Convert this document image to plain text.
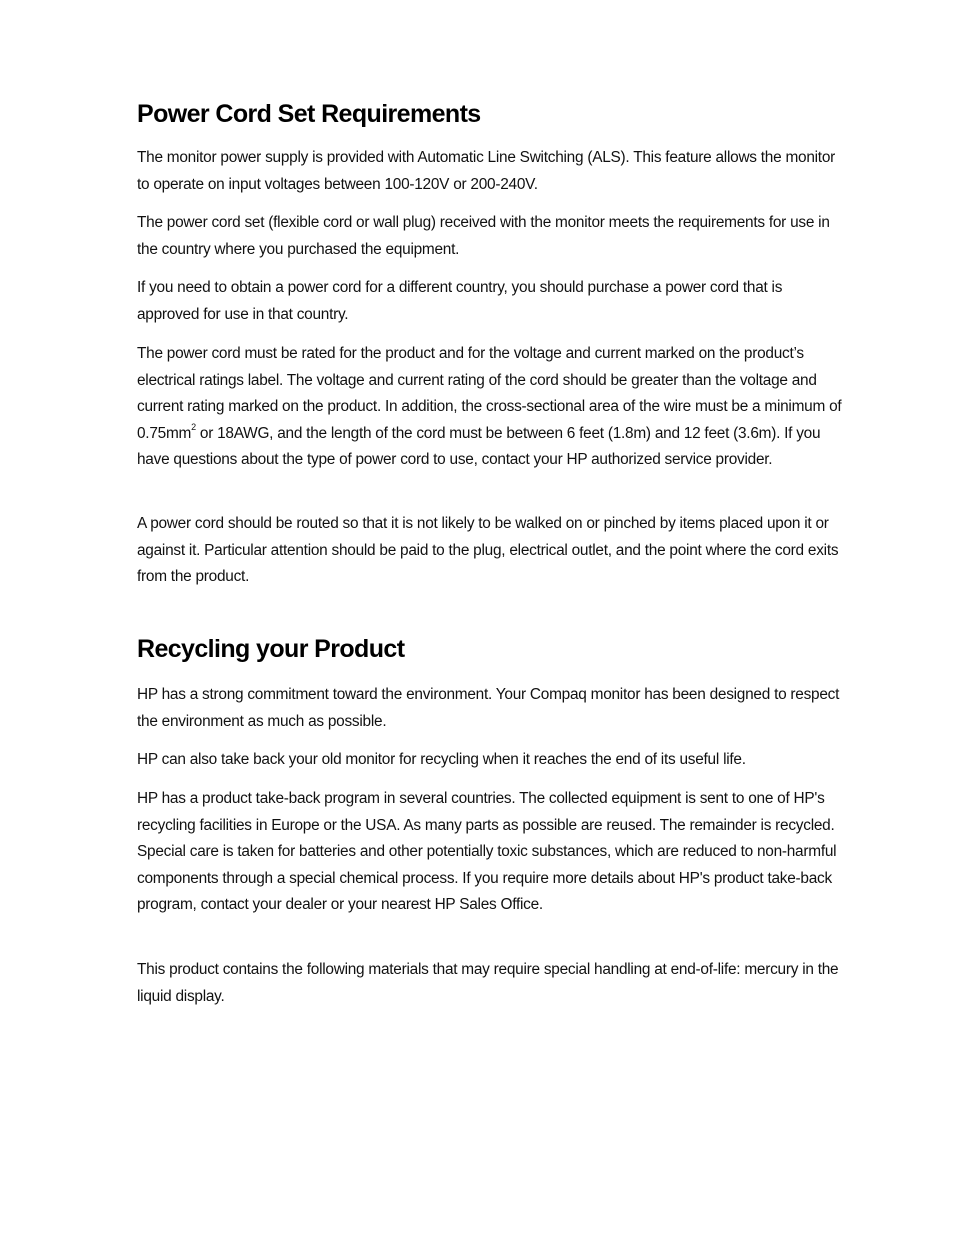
Power Cord Set Requirements

The monitor power supply is provided with Automatic Line Switching (ALS). This feature allows the monitor to operate on input voltages between 100-120V or 200-240V.

The power cord set (flexible cord or wall plug) received with the monitor meets the requirements for use in the country where you purchased the equipment.

If you need to obtain a power cord for a different country, you should purchase a power cord that is approved for use in that country.

The power cord must be rated for the product and for the voltage and current marked on the product’s electrical ratings label. The voltage and current rating of the cord should be greater than the voltage and current rating marked on the product. In addition, the cross-sectional area of the wire must be a minimum of $0.75mm^2$ or 18AWG, and the length of the cord must be between 6 feet (1.8m) and 12 feet (3.6m). If you have questions about the type of power cord to use, contact your HP authorized service provider.

A power cord should be routed so that it is not likely to be walked on or pinched by items placed upon it or against it. Particular attention should be paid to the plug, electrical outlet, and the point where the cord exits from the product.

Recycling your Product

HP has a strong commitment toward the environment. Your Compaq monitor has been designed to respect the environment as much as possible.

HP can also take back your old monitor for recycling when it reaches the end of its useful life.

HP has a product take-back program in several countries. The collected equipment is sent to one of HP's recycling facilities in Europe or the USA. As many parts as possible are reused. The remainder is recycled. Special care is taken for batteries and other potentially toxic substances, which are reduced to non-harmful components through a special chemical process. If you require more details about HP's product take-back program, contact your dealer or your nearest HP Sales Office.

This product contains the following materials that may require special handling at end-of-life: mercury in the liquid display.
